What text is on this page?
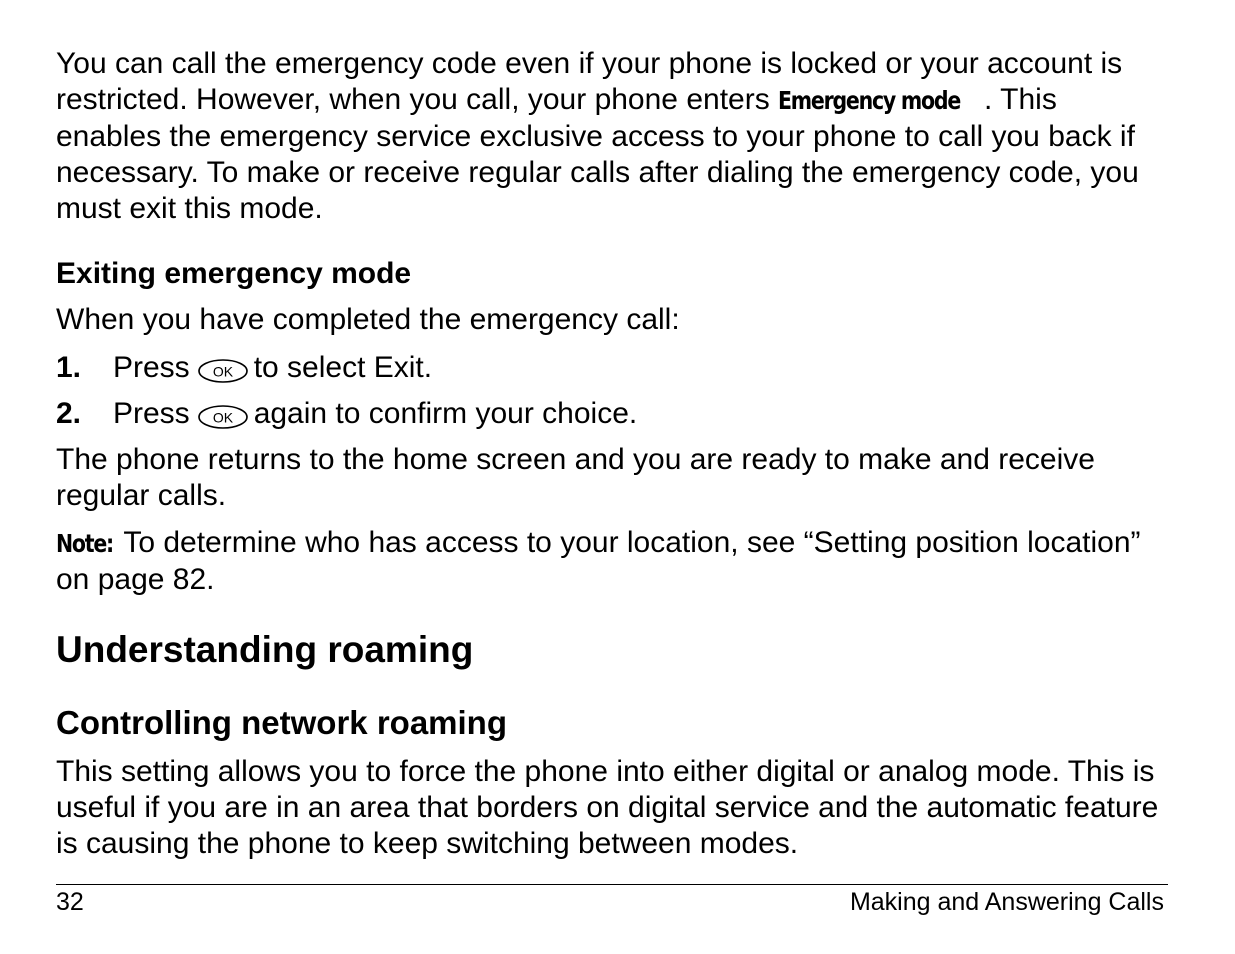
You can call the emergency code even if your phone is locked or your account is restricted. However, when you call, your phone enters Emergency mode . This enables the emergency service exclusive access to your phone to call you back if necessary. To make or receive regular calls after dialing the emergency code, you must exit this mode.

Exiting emergency mode

When you have completed the emergency call:

1. Press OK to select Exit.
2. Press OK again to confirm your choice.

The phone returns to the home screen and you are ready to make and receive regular calls.

Note: To determine who has access to your location, see “Setting position location” on page 82.

Understanding roaming
Controlling network roaming

This setting allows you to force the phone into either digital or analog mode. This is useful if you are in an area that borders on digital service and the automatic feature is causing the phone to keep switching between modes.

32	Making and Answering Calls
